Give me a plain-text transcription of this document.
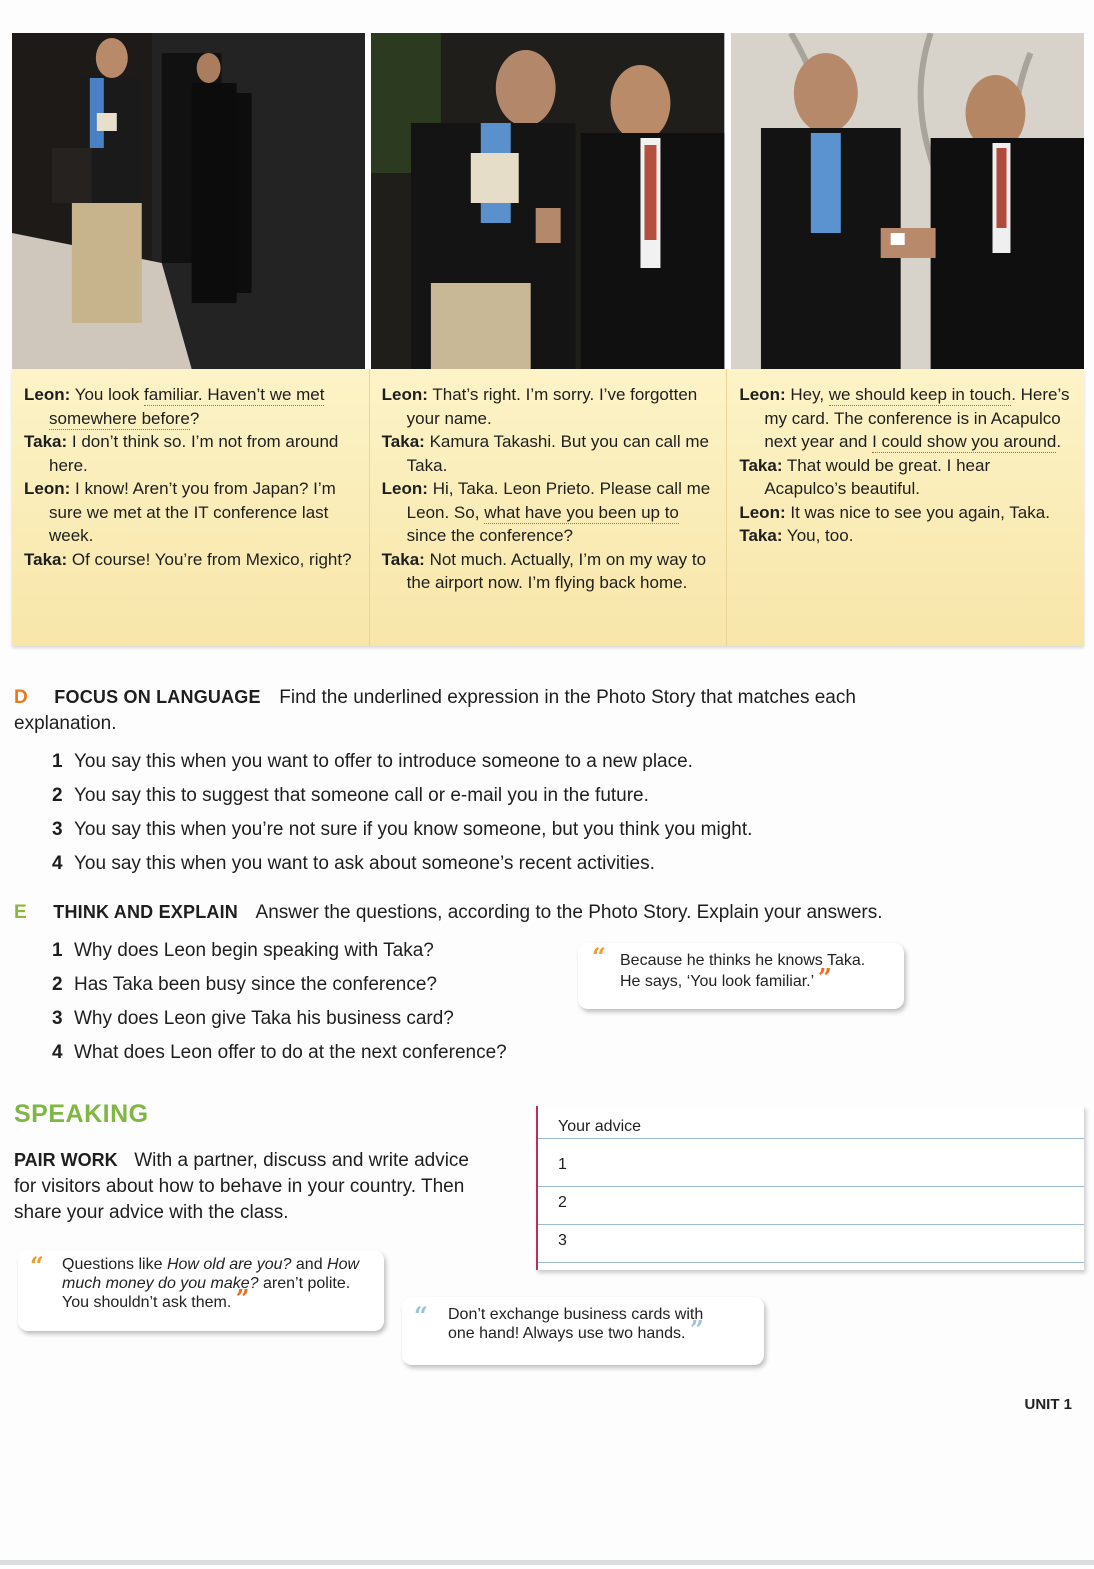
Leon: You look familiar. Haven’t we met somewhere before?
Taka: I don’t think so. I’m not from around here.
Leon: I know! Aren’t you from Japan? I’m sure we met at the IT conference last week.
Taka: Of course! You’re from Mexico, right?
Leon: That’s right. I’m sorry. I’ve forgotten your name.
Taka: Kamura Takashi. But you can call me Taka.
Leon: Hi, Taka. Leon Prieto. Please call me Leon. So, what have you been up to since the conference?
Taka: Not much. Actually, I’m on my way to the airport now. I’m flying back home.
Leon: Hey, we should keep in touch. Here’s my card. The conference is in Acapulco next year and I could show you around.
Taka: That would be great. I hear Acapulco’s beautiful.
Leon: It was nice to see you again, Taka.
Taka: You, too.
D FOCUS ON LANGUAGE Find the underlined expression in the Photo Story that matches each explanation.
1 You say this when you want to offer to introduce someone to a new place.
2 You say this to suggest that someone call or e-mail you in the future.
3 You say this when you’re not sure if you know someone, but you think you might.
4 You say this when you want to ask about someone’s recent activities.
E THINK AND EXPLAIN Answer the questions, according to the Photo Story. Explain your answers.
1 Why does Leon begin speaking with Taka?
2 Has Taka been busy since the conference?
3 Why does Leon give Taka his business card?
4 What does Leon offer to do at the next conference?
“ Because he thinks he knows Taka.
He says, ‘You look familiar.’ ”
SPEAKING
PAIR WORK With a partner, discuss and write advice for visitors about how to behave in your country. Then share your advice with the class.
Your advice
1
2
3
“ Questions like How old are you? and How much money do you make? aren’t polite. You shouldn’t ask them. ”
“ Don’t exchange business cards with
one hand! Always use two hands. ”
UNIT 1
